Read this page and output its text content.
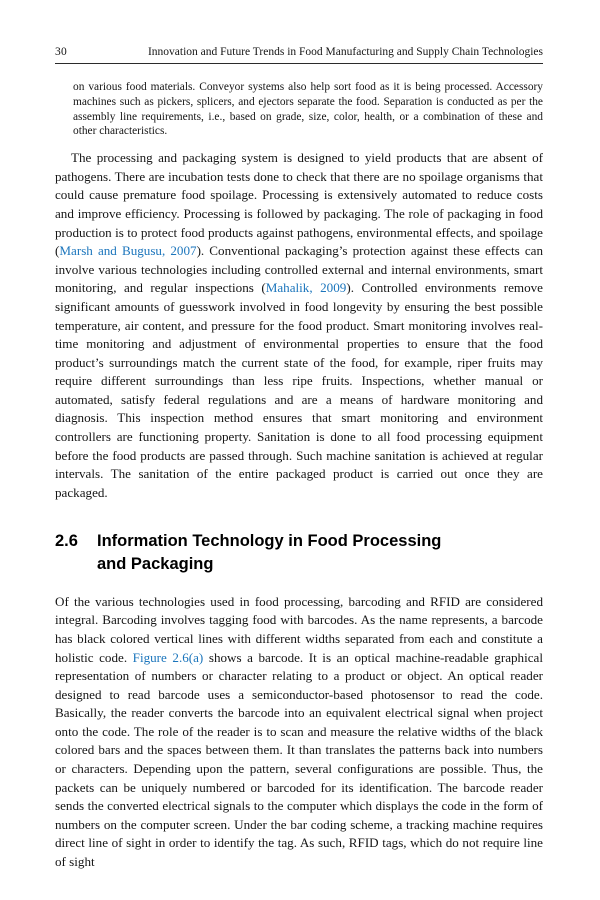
30	Innovation and Future Trends in Food Manufacturing and Supply Chain Technologies

on various food materials. Conveyor systems also help sort food as it is being processed. Accessory machines such as pickers, splicers, and ejectors separate the food. Separation is conducted as per the assembly line requirements, i.e., based on grade, size, color, health, or a combination of these and other characteristics.

The processing and packaging system is designed to yield products that are absent of pathogens. There are incubation tests done to check that there are no spoilage organisms that could cause premature food spoilage. Processing is extensively automated to reduce costs and improve efficiency. Processing is followed by packaging. The role of packaging in food production is to protect food products against pathogens, environmental effects, and spoilage (Marsh and Bugusu, 2007). Conventional packaging’s protection against these effects can involve various technologies including controlled external and internal environments, smart monitoring, and regular inspections (Mahalik, 2009). Controlled environments remove significant amounts of guesswork involved in food longevity by ensuring the best possible temperature, air content, and pressure for the food product. Smart monitoring involves real-time monitoring and adjustment of environmental properties to ensure that the food product’s surroundings match the current state of the food, for example, riper fruits may require different surroundings than less ripe fruits. Inspections, whether manual or automated, satisfy federal regulations and are a means of hardware monitoring and diagnosis. This inspection method ensures that smart monitoring and environment controllers are functioning property. Sanitation is done to all food processing equipment before the food products are passed through. Such machine sanitation is achieved at regular intervals. The sanitation of the entire packaged product is carried out once they are packaged.

2.6	Information Technology in Food Processing and Packaging

Of the various technologies used in food processing, barcoding and RFID are considered integral. Barcoding involves tagging food with barcodes. As the name represents, a barcode has black colored vertical lines with different widths separated from each and constitute a holistic code. Figure 2.6(a) shows a barcode. It is an optical machine-readable graphical representation of numbers or character relating to a product or object. An optical reader designed to read barcode uses a semiconductor-based photosensor to read the code. Basically, the reader converts the barcode into an equivalent electrical signal when project onto the code. The role of the reader is to scan and measure the relative widths of the black colored bars and the spaces between them. It than translates the patterns back into numbers or characters. Depending upon the pattern, several configurations are possible. Thus, the packets can be uniquely numbered or barcoded for its identification. The barcode reader sends the converted electrical signals to the computer which displays the code in the form of numbers on the computer screen. Under the bar coding scheme, a tracking machine requires direct line of sight in order to identify the tag. As such, RFID tags, which do not require line of sight
